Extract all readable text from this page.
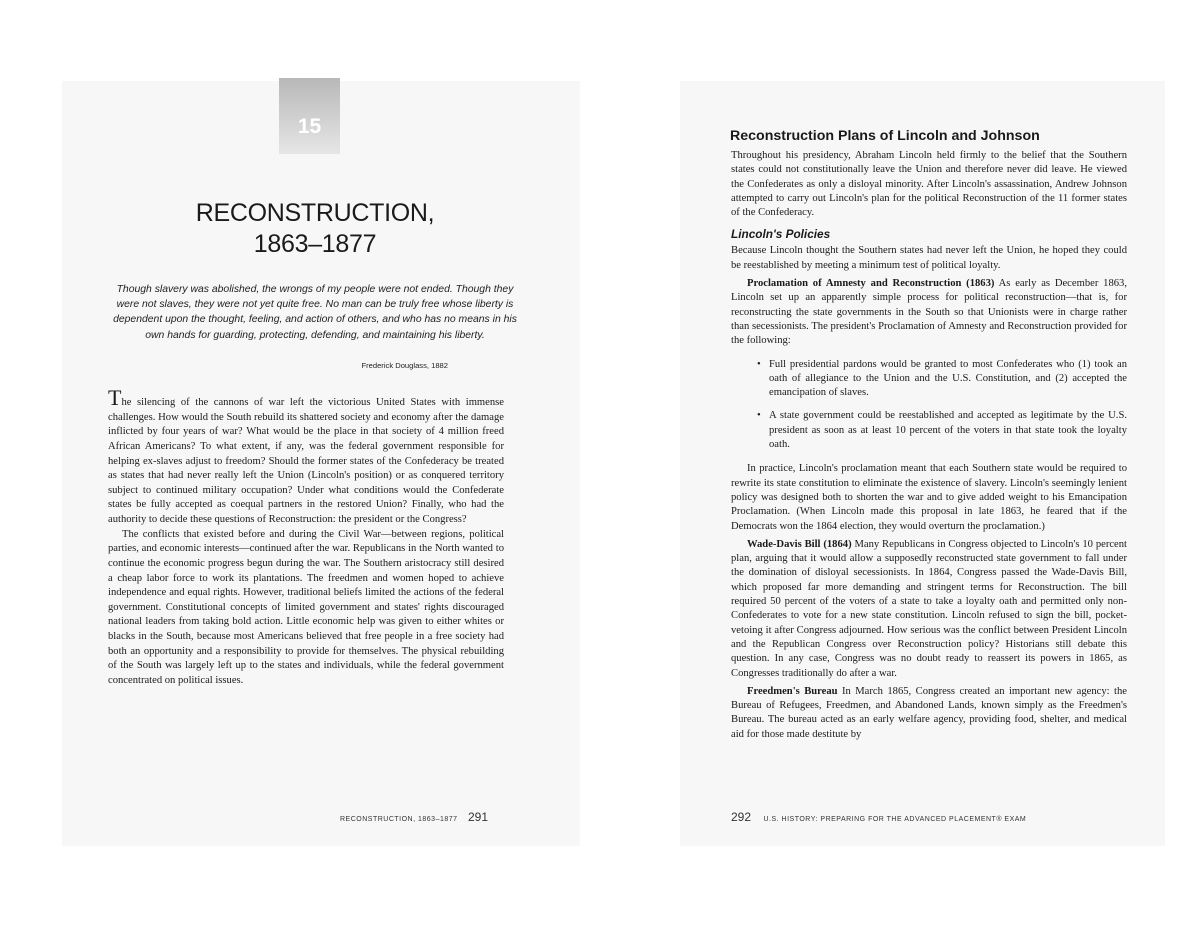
15
RECONSTRUCTION,
1863–1877
Though slavery was abolished, the wrongs of my people were not ended. Though they were not slaves, they were not yet quite free. No man can be truly free whose liberty is dependent upon the thought, feeling, and action of others, and who has no means in his own hands for guarding, protecting, defending, and maintaining his liberty.
Frederick Douglass, 1882

The silencing of the cannons of war left the victorious United States with immense challenges. How would the South rebuild its shattered society and economy after the damage inflicted by four years of war? What would be the place in that society of 4 million freed African Americans? To what extent, if any, was the federal government responsible for helping ex-slaves adjust to freedom? Should the former states of the Confederacy be treated as states that had never really left the Union (Lincoln's position) or as conquered territory subject to continued military occupation? Under what conditions would the Confederate states be fully accepted as coequal partners in the restored Union? Finally, who had the authority to decide these questions of Reconstruction: the president or the Congress?

The conflicts that existed before and during the Civil War—between regions, political parties, and economic interests—continued after the war. Republicans in the North wanted to continue the economic progress begun during the war. The Southern aristocracy still desired a cheap labor force to work its plantations. The freedmen and women hoped to achieve independence and equal rights. However, traditional beliefs limited the actions of the federal government. Constitutional concepts of limited government and states' rights discouraged national leaders from taking bold action. Little economic help was given to either whites or blacks in the South, because most Americans believed that free people in a free society had both an opportunity and a responsibility to provide for themselves. The physical rebuilding of the South was largely left up to the states and individuals, while the federal government concentrated on political issues.

RECONSTRUCTION, 1863–1877 291
Reconstruction Plans of Lincoln and Johnson

Throughout his presidency, Abraham Lincoln held firmly to the belief that the Southern states could not constitutionally leave the Union and therefore never did leave. He viewed the Confederates as only a disloyal minority. After Lincoln's assassination, Andrew Johnson attempted to carry out Lincoln's plan for the political Reconstruction of the 11 former states of the Confederacy.

Lincoln's Policies

Because Lincoln thought the Southern states had never left the Union, he hoped they could be reestablished by meeting a minimum test of political loyalty.

Proclamation of Amnesty and Reconstruction (1863) As early as December 1863, Lincoln set up an apparently simple process for political reconstruction—that is, for reconstructing the state governments in the South so that Unionists were in charge rather than secessionists. The president's Proclamation of Amnesty and Reconstruction provided for the following:

• Full presidential pardons would be granted to most Confederates who (1) took an oath of allegiance to the Union and the U.S. Constitution, and (2) accepted the emancipation of slaves.
• A state government could be reestablished and accepted as legitimate by the U.S. president as soon as at least 10 percent of the voters in that state took the loyalty oath.

In practice, Lincoln's proclamation meant that each Southern state would be required to rewrite its state constitution to eliminate the existence of slavery. Lincoln's seemingly lenient policy was designed both to shorten the war and to give added weight to his Emancipation Proclamation. (When Lincoln made this proposal in late 1863, he feared that if the Democrats won the 1864 election, they would overturn the proclamation.)

Wade-Davis Bill (1864) Many Republicans in Congress objected to Lincoln's 10 percent plan, arguing that it would allow a supposedly reconstructed state government to fall under the domination of disloyal secessionists. In 1864, Congress passed the Wade-Davis Bill, which proposed far more demanding and stringent terms for Reconstruction. The bill required 50 percent of the voters of a state to take a loyalty oath and permitted only non-Confederates to vote for a new state constitution. Lincoln refused to sign the bill, pocket-vetoing it after Congress adjourned. How serious was the conflict between President Lincoln and the Republican Congress over Reconstruction policy? Historians still debate this question. In any case, Congress was no doubt ready to reassert its powers in 1865, as Congresses traditionally do after a war.

Freedmen's Bureau In March 1865, Congress created an important new agency: the Bureau of Refugees, Freedmen, and Abandoned Lands, known simply as the Freedmen's Bureau. The bureau acted as an early welfare agency, providing food, shelter, and medical aid for those made destitute by

292 U.S. HISTORY: PREPARING FOR THE ADVANCED PLACEMENT® EXAM
